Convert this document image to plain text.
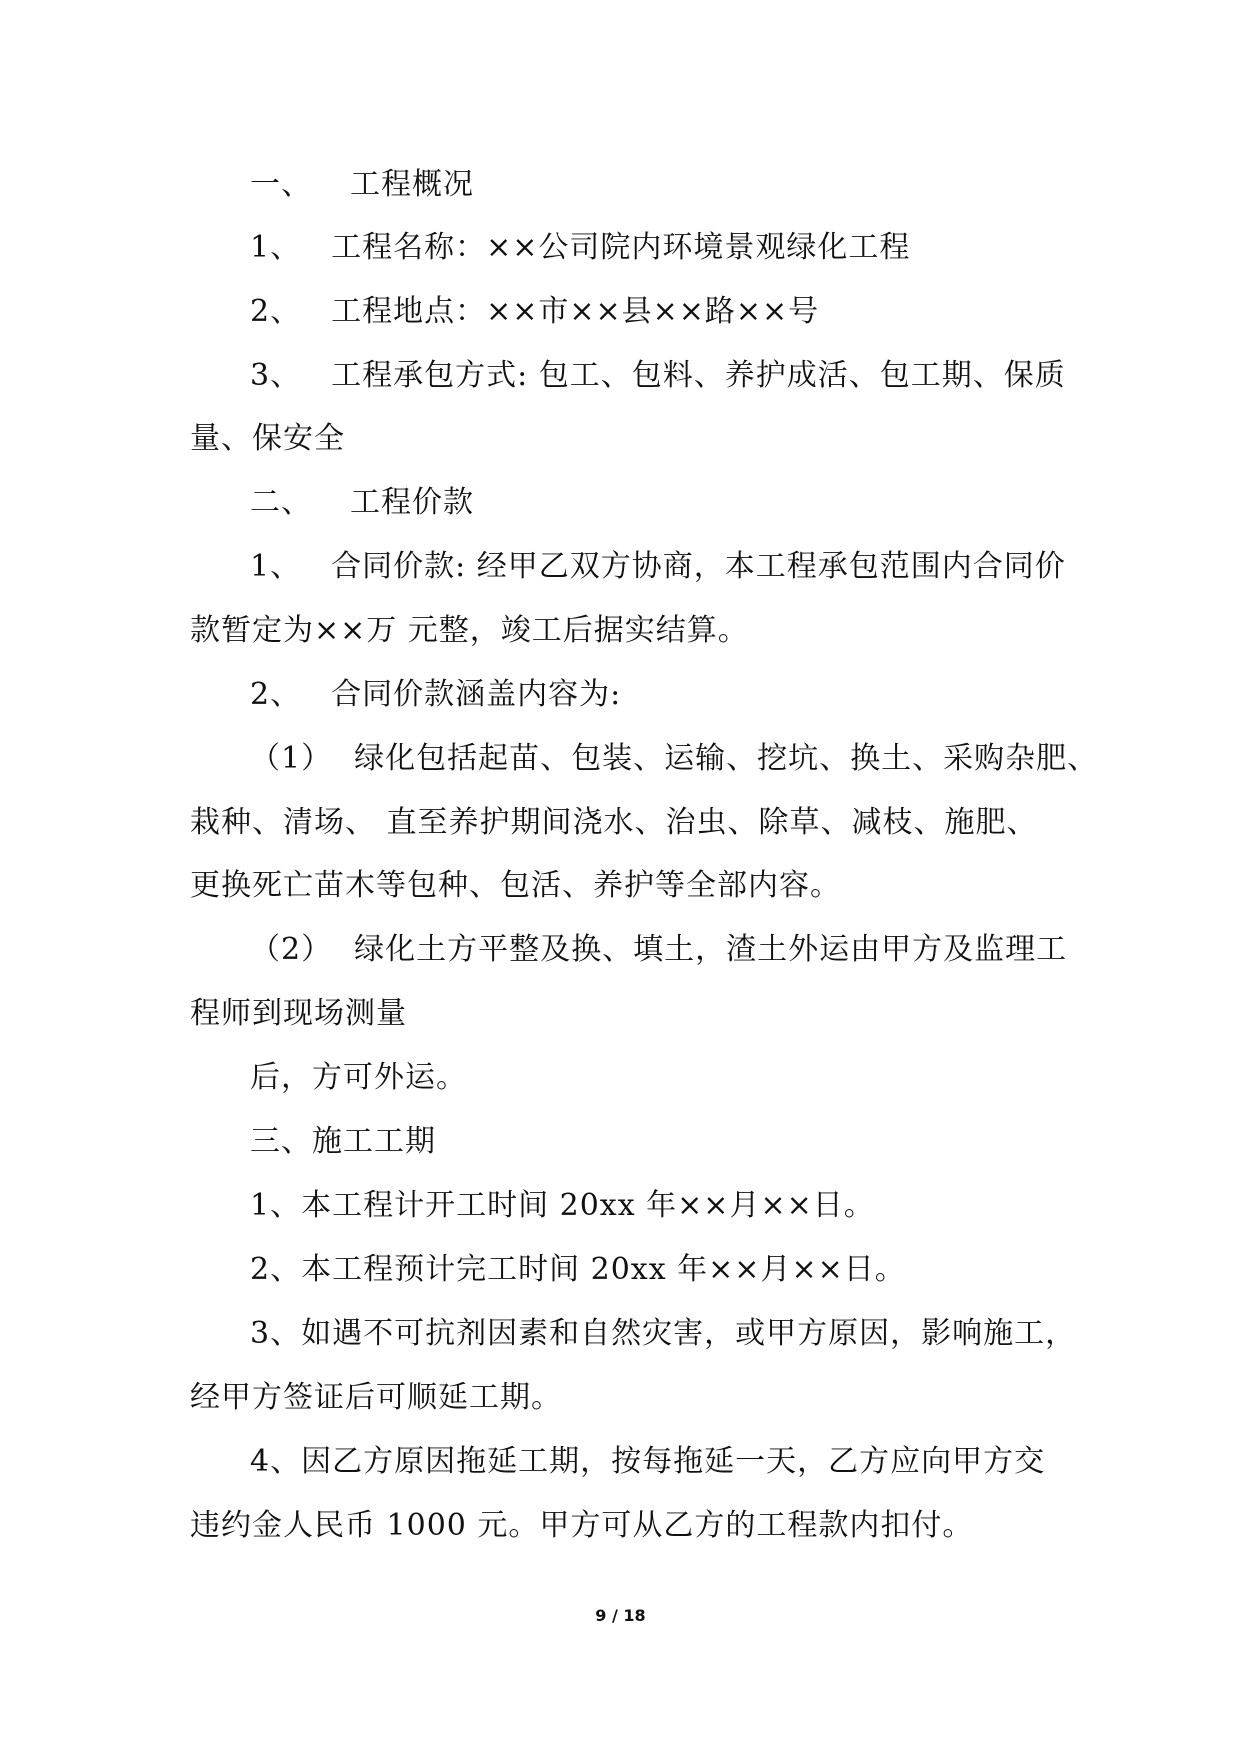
一、 工程概况
1、 工程名称：××公司院内环境景观绿化工程
2、 工程地点：××市××县××路××号
3、 工程承包方式: 包工、包料、养护成活、包工期、保质
量、保安全
二、 工程价款
1、 合同价款: 经甲乙双方协商，本工程承包范围内合同价
款暂定为××万 元整，竣工后据实结算。
2、 合同价款涵盖内容为:
（1） 绿化包括起苗、包装、运输、挖坑、换土、采购杂肥、
栽种、清场、 直至养护期间浇水、治虫、除草、减枝、施肥、
更换死亡苗木等包种、包活、养护等全部内容。
（2） 绿化土方平整及换、填土，渣土外运由甲方及监理工
程师到现场测量
后，方可外运。
三、施工工期
1、本工程计开工时间 20xx 年××月××日。
2、本工程预计完工时间 20xx 年××月××日。
3、如遇不可抗剂因素和自然灾害，或甲方原因，影响施工，
经甲方签证后可顺延工期。
4、因乙方原因拖延工期，按每拖延一天，乙方应向甲方交
违约金人民币 1000 元。甲方可从乙方的工程款内扣付。
9 / 18
